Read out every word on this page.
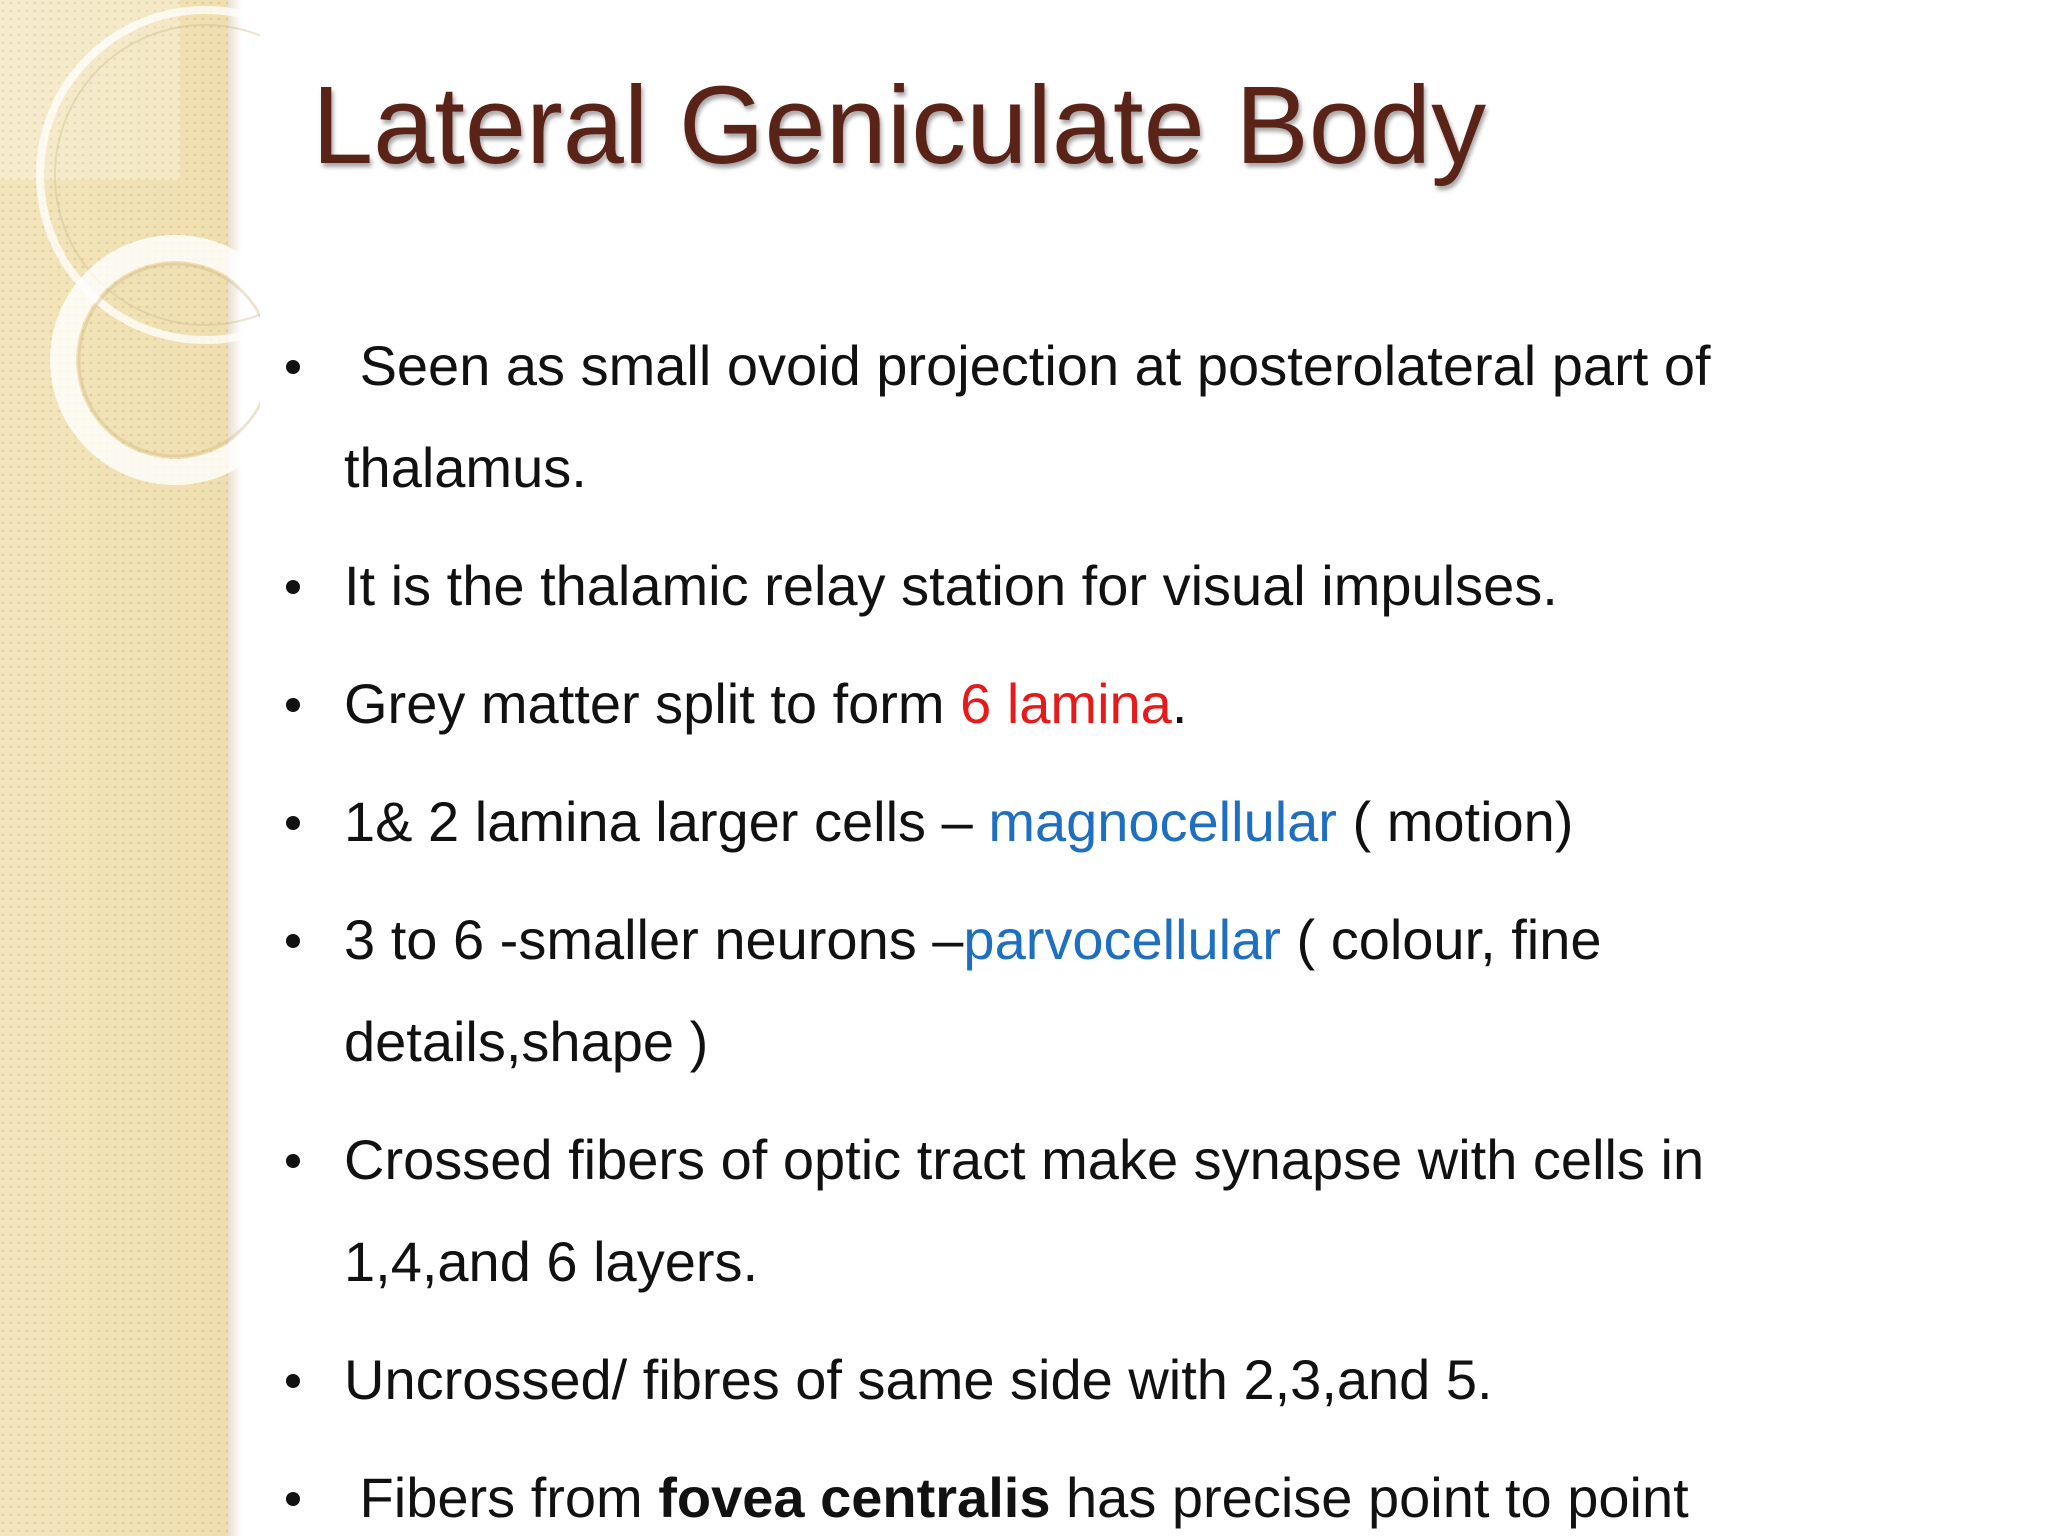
Lateral Geniculate Body
Seen as small ovoid projection at posterolateral part of thalamus.
It is the thalamic relay station for visual impulses.
Grey matter split to form 6 lamina.
1& 2 lamina larger cells – magnocellular ( motion)
3 to 6 -smaller neurons –parvocellular ( colour, fine details,shape )
Crossed fibers of optic tract make synapse with cells in 1,4,and 6 layers.
Uncrossed/ fibres of same side with 2,3,and 5.
Fibers from fovea centralis has precise point to point
